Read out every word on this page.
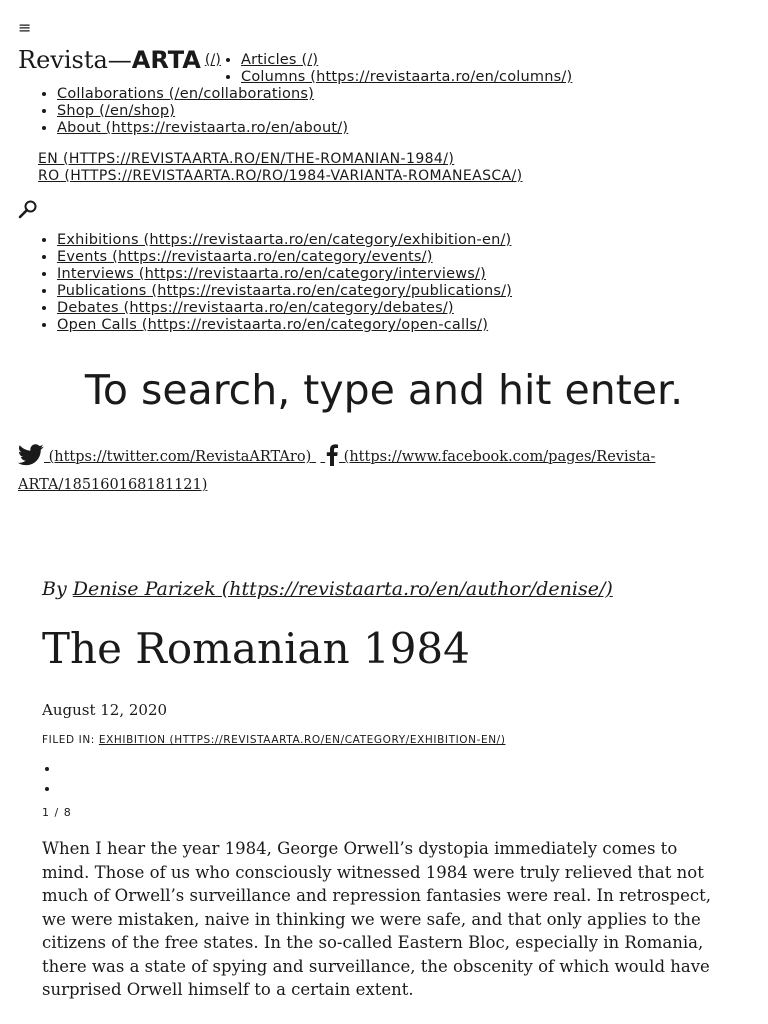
≡
Revista—ARTA (/)
• Articles (/)
• Columns (https://revistaarta.ro/en/columns/)
• Collaborations (/en/collaborations)
• Shop (/en/shop)
• About (https://revistaarta.ro/en/about/)
EN (HTTPS://REVISTAARTA.RO/EN/THE-ROMANIAN-1984/)
RO (HTTPS://REVISTAARTA.RO/RO/1984-VARIANTA-ROMANEASCA/)
• Exhibitions (https://revistaarta.ro/en/category/exhibition-en/)
• Events (https://revistaarta.ro/en/category/events/)
• Interviews (https://revistaarta.ro/en/category/interviews/)
• Publications (https://revistaarta.ro/en/category/publications/)
• Debates (https://revistaarta.ro/en/category/debates/)
• Open Calls (https://revistaarta.ro/en/category/open-calls/)
To search, type and hit enter.
(https://twitter.com/RevistaARTAro)    (https://www.facebook.com/pages/Revista-ARTA/185160168181121)
By Denise Parizek (https://revistaarta.ro/en/author/denise/)
The Romanian 1984
August 12, 2020
FILED IN: EXHIBITION (HTTPS://REVISTAARTA.RO/EN/CATEGORY/EXHIBITION-EN/)
1 / 8

When I hear the year 1984, George Orwell’s dystopia immediately comes to mind. Those of us who consciously witnessed 1984 were truly relieved that not much of Orwell’s surveillance and repression fantasies were real. In retrospect, we were mistaken, naive in thinking we were safe, and that only applies to the citizens of the free states. In the so-called Eastern Bloc, especially in Romania, there was a state of spying and surveillance, the obscenity of which would have surprised Orwell himself to a certain extent.
